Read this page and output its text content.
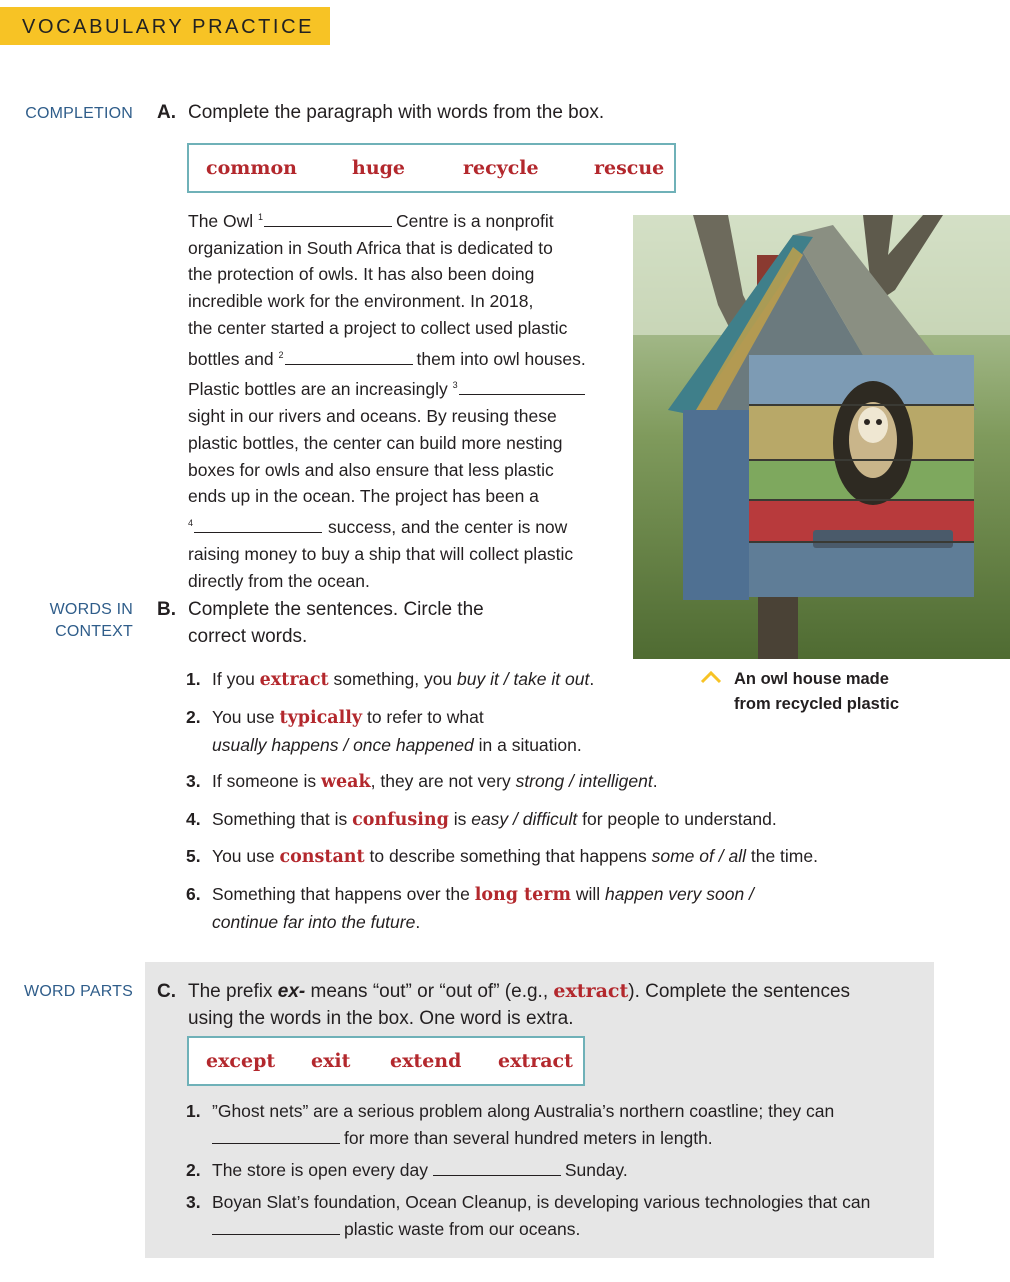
VOCABULARY PRACTICE
COMPLETION A. Complete the paragraph with words from the box.
common	huge	recycle	rescue
The Owl $^1$	Centre is a nonprofit
organization in South Africa that is dedicated to
the protection of owls. It has also been doing
incredible work for the environment. In 2018,
the center started a project to collect used plastic
bottles and $^2$	them into owl houses.
Plastic bottles are an increasingly $^3$
sight in our rivers and oceans. By reusing these
plastic bottles, the center can build more nesting
boxes for owls and also ensure that less plastic
ends up in the ocean. The project has been a
$^4$	success, and the center is now
raising money to buy a ship that will collect plastic
directly from the ocean.
An owl house made
from recycled plastic
WORDS IN
CONTEXT
B. Complete the sentences. Circle the
correct words.
1. If you extract something, you buy it / take it out.
2. You use typically to refer to what
usually happens / once happened in a situation.
3. If someone is weak, they are not very strong / intelligent.
4. Something that is confusing is easy / difficult for people to understand.
5. You use constant to describe something that happens some of / all the time.
6. Something that happens over the long term will happen very soon /
continue far into the future.
WORD PARTS C. The prefix ex- means “out” or “out of” (e.g., extract). Complete the sentences
using the words in the box. One word is extra.
except exit extend extract
1. ”Ghost nets” are a serious problem along Australia’s northern coastline; they can
for more than several hundred meters in length.
2. The store is open every day	Sunday.
3. Boyan Slat’s foundation, Ocean Cleanup, is developing various technologies that can
plastic waste from our oceans.
